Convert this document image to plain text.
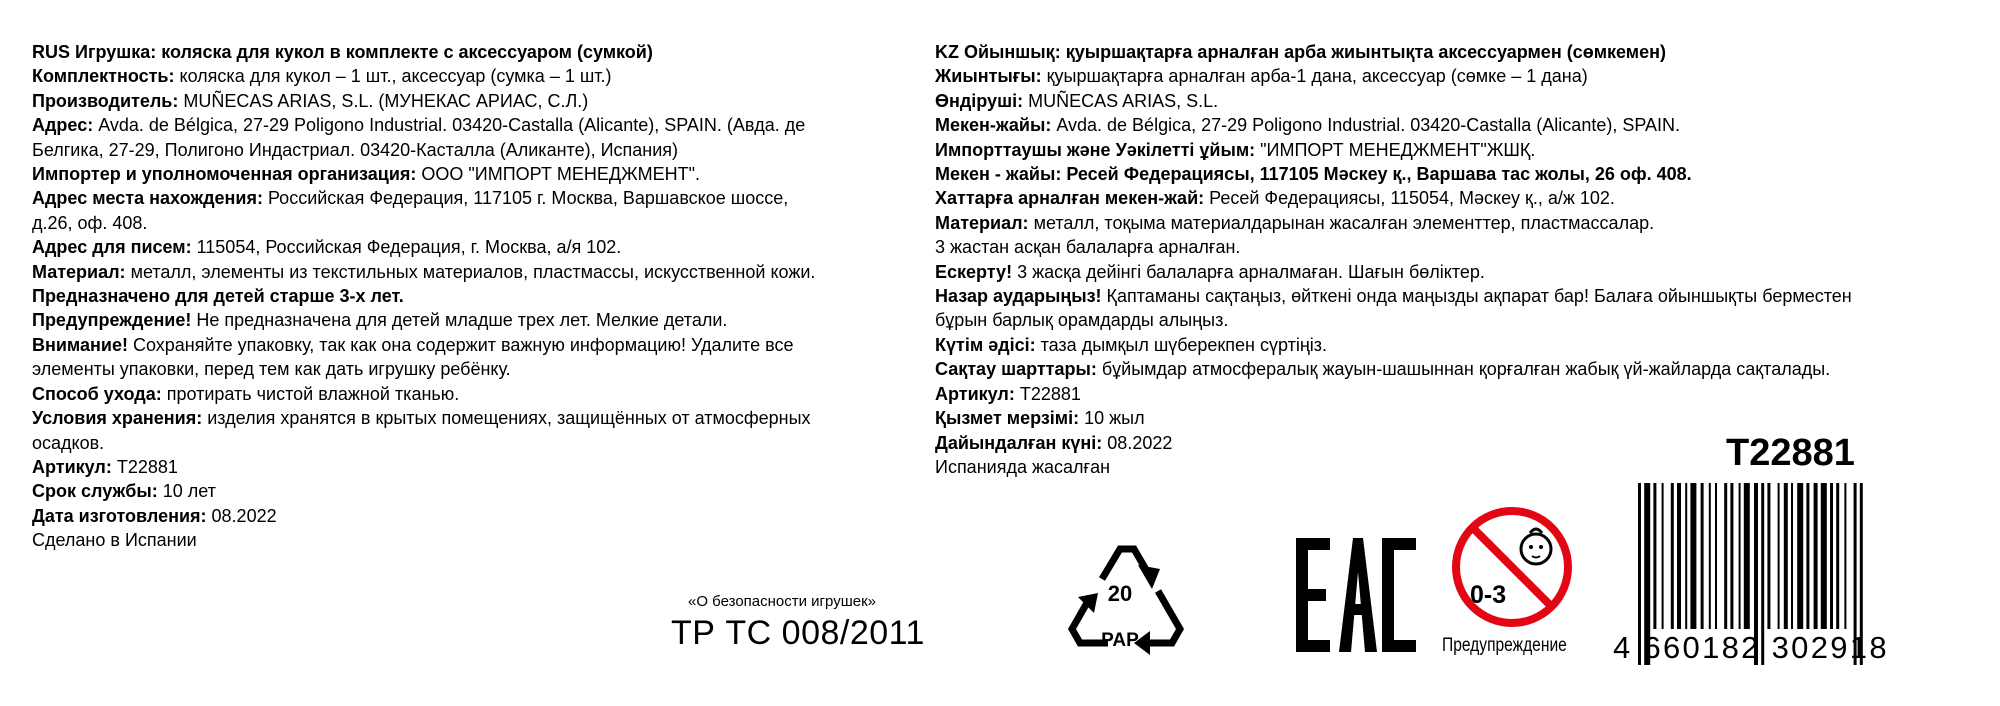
RUS Игрушка: коляска для кукол в комплекте с аксессуаром (сумкой)

Комплектность: коляска для кукол – 1 шт., аксессуар (сумка – 1 шт.)

Производитель: MUÑECAS ARIAS, S.L. (МУНЕКАС АРИАС, С.Л.)

Адрес: Avda. de Bélgica, 27-29 Poligono Industrial. 03420-Castalla (Alicante), SPAIN. (Авда. де

Белгика, 27-29, Полигоно Индастриал. 03420-Касталла (Аликанте), Испания)

Импортер и уполномоченная организация: ООО "ИМПОРТ МЕНЕДЖМЕНТ".

Адрес места нахождения: Российская Федерация, 117105 г. Москва, Варшавское шоссе,

д.26, оф. 408.

Адрес для писем: 115054, Российская Федерация, г. Москва, а/я 102.

Материал: металл, элементы из текстильных материалов, пластмассы, искусственной кожи.

Предназначено для детей старше 3-х лет.

Предупреждение! Не предназначена для детей младше трех лет. Мелкие детали.

Внимание! Сохраняйте упаковку, так как она содержит важную информацию! Удалите все

элементы упаковки, перед тем как дать игрушку ребёнку.

Способ ухода: протирать чистой влажной тканью.

Условия хранения: изделия хранятся в крытых помещениях, защищённых от атмосферных

осадков.

Артикул: T22881

Срок службы: 10 лет

Дата изготовления: 08.2022

Сделано в Испании

KZ Ойыншық: қуыршақтарға арналған арба жиынтықта аксессуармен (сөмкемен)

Жиынтығы: қуыршақтарға арналған арба-1 дана, аксессуар (сөмке – 1 дана)

Өндіруші: MUÑECAS ARIAS, S.L.

Мекен-жайы: Avda. de Bélgica, 27-29 Poligono Industrial. 03420-Castalla (Alicante), SPAIN.

Импорттаушы және Уәкілетті ұйым: "ИМПОРТ МЕНЕДЖМЕНТ"ЖШҚ.

Мекен - жайы: Ресей Федерациясы, 117105 Мәскеу қ., Варшава тас жолы, 26 оф. 408.

Хаттарға арналған мекен-жай: Ресей Федерациясы, 115054, Мәскеу қ., а/ж 102.

Материал: металл, тоқыма материалдарынан жасалған элементтер, пластмассалар.

3 жастан асқан балаларға арналған.

Ескерту! 3 жасқа дейінгі балаларға арналмаған. Шағын бөліктер.

Назар аударыңыз! Қаптаманы сақтаңыз, өйткені онда маңызды ақпарат бар! Балаға ойыншықты берместен

бұрын барлық орамдарды алыңыз.

Күтім әдісі: таза дымқыл шүберекпен сүртіңіз.

Сақтау шарттары: бұйымдар атмосфералық жауын-шашыннан қорғалған жабық үй-жайларда сақталады.

Артикул: T22881

Қызмет мерзімі: 10 жыл

Дайындалған күні: 08.2022

Испанияда жасалған

«О безопасности игрушек»
ТР ТС 008/2011
20
PAP
0-3
Предупреждение
T22881
4 660182 302918
